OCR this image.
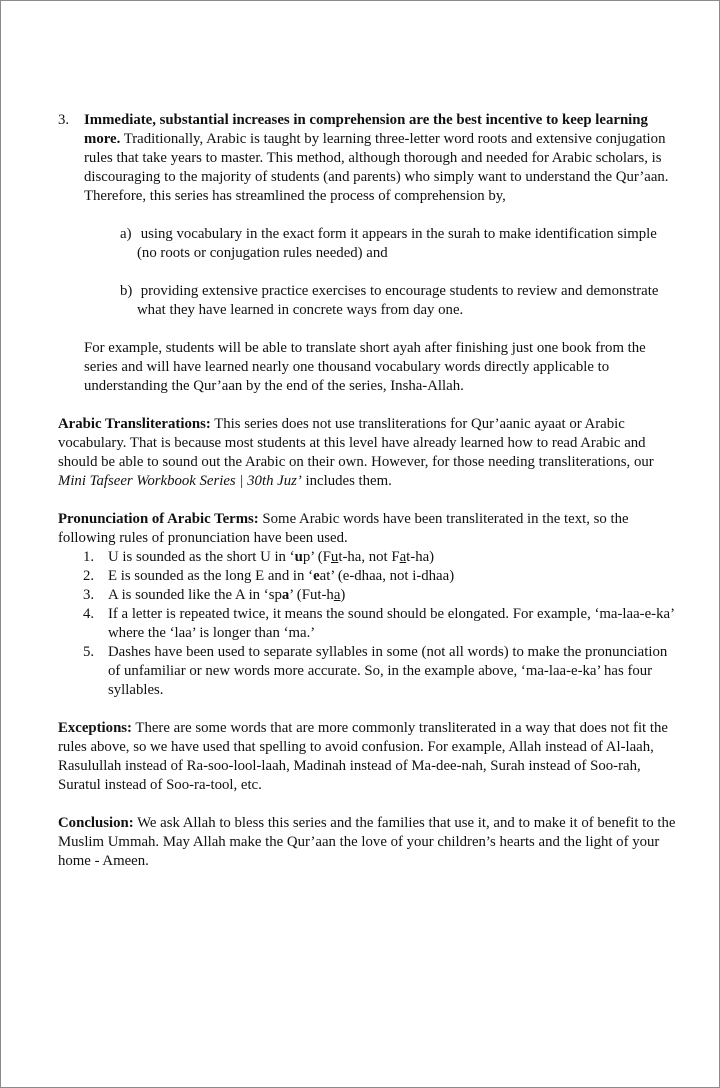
3. Immediate, substantial increases in comprehension are the best incentive to keep learning more. Traditionally, Arabic is taught by learning three-letter word roots and extensive conjugation rules that take years to master. This method, although thorough and needed for Arabic scholars, is discouraging to the majority of students (and parents) who simply want to understand the Qur’aan. Therefore, this series has streamlined the process of comprehension by,

a) using vocabulary in the exact form it appears in the surah to make identification simple (no roots or conjugation rules needed) and

b) providing extensive practice exercises to encourage students to review and demonstrate what they have learned in concrete ways from day one.

For example, students will be able to translate short ayah after finishing just one book from the series and will have learned nearly one thousand vocabulary words directly applicable to understanding the Qur’aan by the end of the series, Insha-Allah.

Arabic Transliterations: This series does not use transliterations for Qur’aanic ayaat or Arabic vocabulary. That is because most students at this level have already learned how to read Arabic and should be able to sound out the Arabic on their own. However, for those needing transliterations, our Mini Tafseer Workbook Series | 30th Juz’ includes them.

Pronunciation of Arabic Terms: Some Arabic words have been transliterated in the text, so the following rules of pronunciation have been used.

1. U is sounded as the short U in ‘up’ (Fut-ha, not Fat-ha)
2. E is sounded as the long E and in ‘eat’ (e-dhaa, not i-dhaa)
3. A is sounded like the A in ‘spa’ (Fut-ha)
4. If a letter is repeated twice, it means the sound should be elongated. For example, ‘ma-laa-e-ka’ where the ‘laa’ is longer than ‘ma.’
5. Dashes have been used to separate syllables in some (not all words) to make the pronunciation of unfamiliar or new words more accurate. So, in the example above, ‘ma-laa-e-ka’ has four syllables.

Exceptions: There are some words that are more commonly transliterated in a way that does not fit the rules above, so we have used that spelling to avoid confusion. For example, Allah instead of Al-laah, Rasulullah instead of Ra-soo-lool-laah, Madinah instead of Ma-dee-nah, Surah instead of Soo-rah, Suratul instead of Soo-ra-tool, etc.

Conclusion: We ask Allah to bless this series and the families that use it, and to make it of benefit to the Muslim Ummah. May Allah make the Qur’aan the love of your children’s hearts and the light of your home - Ameen.
